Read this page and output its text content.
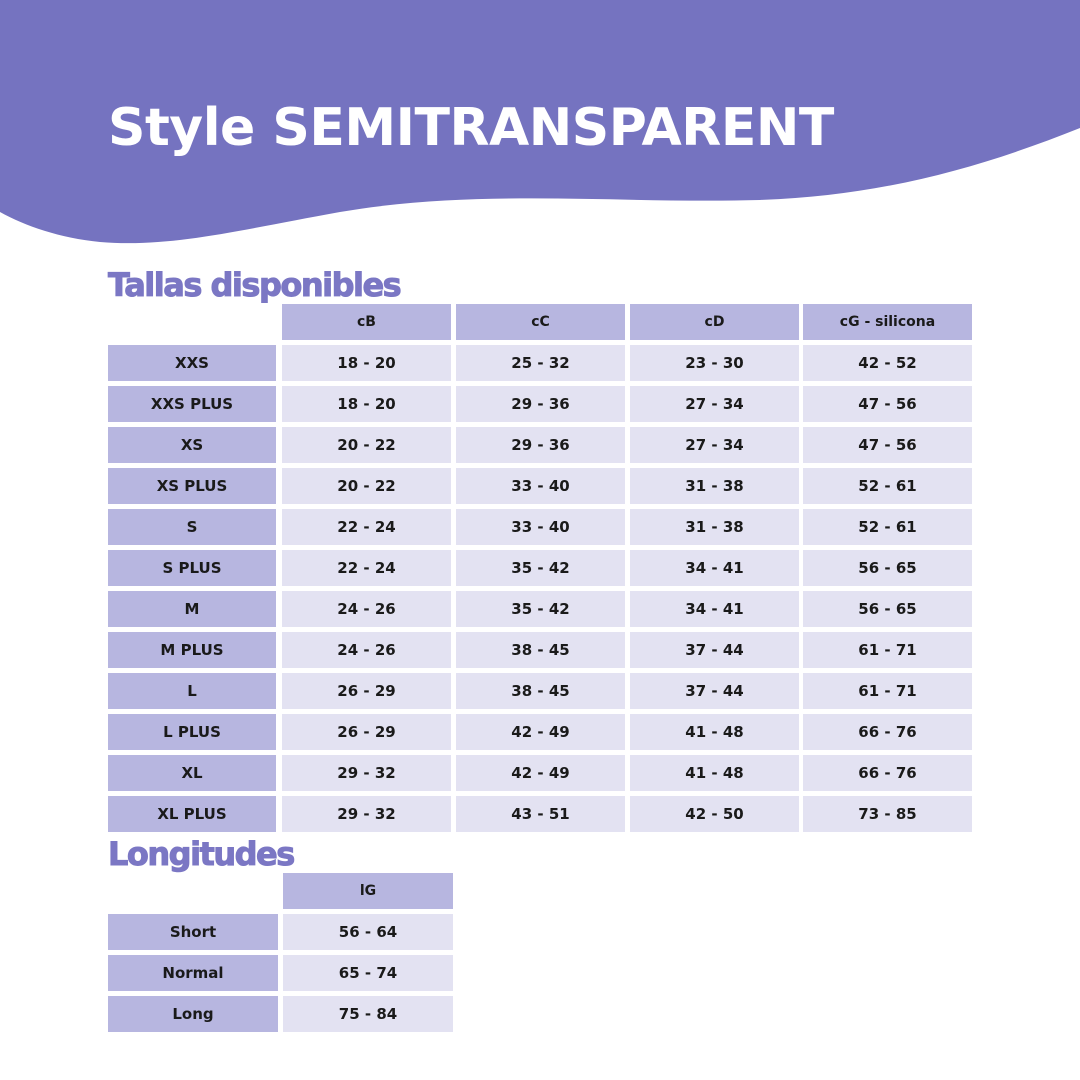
Style SEMITRANSPARENT
Tallas disponibles
cB	cC	cD	cG - silicona
XXS	18 - 20	25 - 32	23 - 30	42 - 52
XXS PLUS	18 - 20	29 - 36	27 - 34	47 - 56
XS	20 - 22	29 - 36	27 - 34	47 - 56
XS PLUS	20 - 22	33 - 40	31 - 38	52 - 61
S	22 - 24	33 - 40	31 - 38	52 - 61
S PLUS	22 - 24	35 - 42	34 - 41	56 - 65
M	24 - 26	35 - 42	34 - 41	56 - 65
M PLUS	24 - 26	38 - 45	37 - 44	61 - 71
L	26 - 29	38 - 45	37 - 44	61 - 71
L PLUS	26 - 29	42 - 49	41 - 48	66 - 76
XL	29 - 32	42 - 49	41 - 48	66 - 76
XL PLUS	29 - 32	43 - 51	42 - 50	73 - 85
Longitudes
lG
Short	56 - 64
Normal	65 - 74
Long	75 - 84
